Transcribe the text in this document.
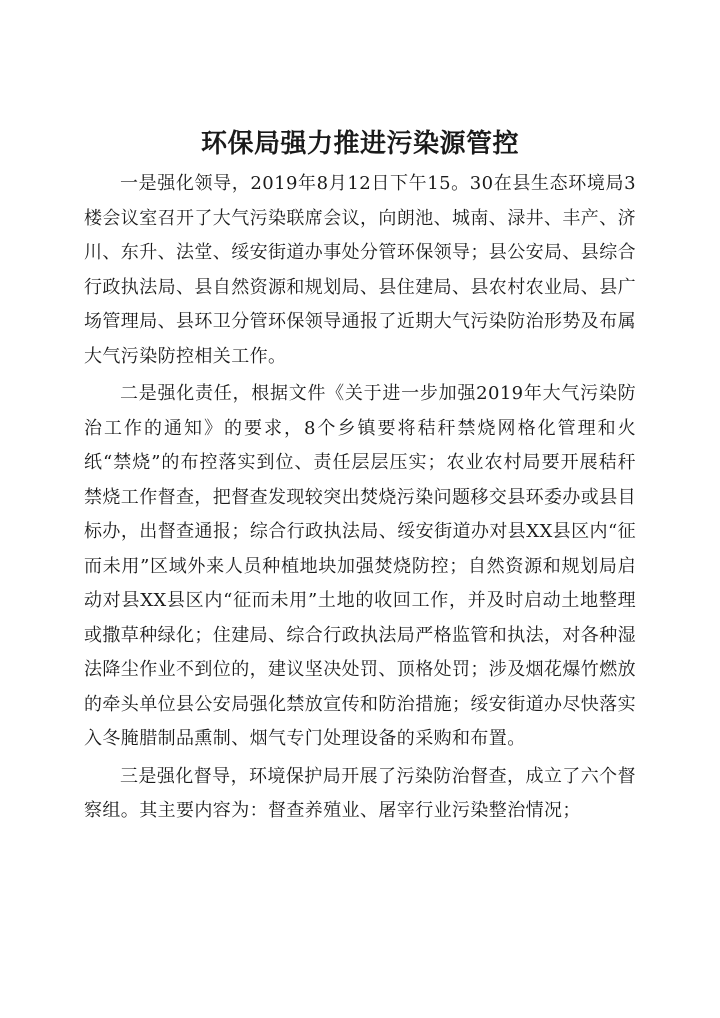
环保局强力推进污染源管控

一是强化领导，2019年8月12日下午15。30在县生态环境局3楼会议室召开了大气污染联席会议，向朗池、城南、渌井、丰产、济川、东升、法堂、绥安街道办事处分管环保领导；县公安局、县综合行政执法局、县自然资源和规划局、县住建局、县农村农业局、县广场管理局、县环卫分管环保领导通报了近期大气污染防治形势及布属大气污染防控相关工作。

二是强化责任，根据文件《关于进一步加强2019年大气污染防治工作的通知》的要求，8个乡镇要将秸秆禁烧网格化管理和火纸“禁烧”的布控落实到位、责任层层压实；农业农村局要开展秸秆禁烧工作督查，把督查发现较突出焚烧污染问题移交县环委办或县目标办，出督查通报；综合行政执法局、绥安街道办对县XX县区内“征而未用”区域外来人员种植地块加强焚烧防控；自然资源和规划局启动对县XX县区内“征而未用”土地的收回工作，并及时启动土地整理或撒草种绿化；住建局、综合行政执法局严格监管和执法，对各种湿法降尘作业不到位的，建议坚决处罚、顶格处罚；涉及烟花爆竹燃放的牵头单位县公安局强化禁放宣传和防治措施；绥安街道办尽快落实入冬腌腊制品熏制、烟气专门处理设备的采购和布置。

三是强化督导，环境保护局开展了污染防治督查，成立了六个督察组。其主要内容为：督查养殖业、屠宰行业污染整治情况；
